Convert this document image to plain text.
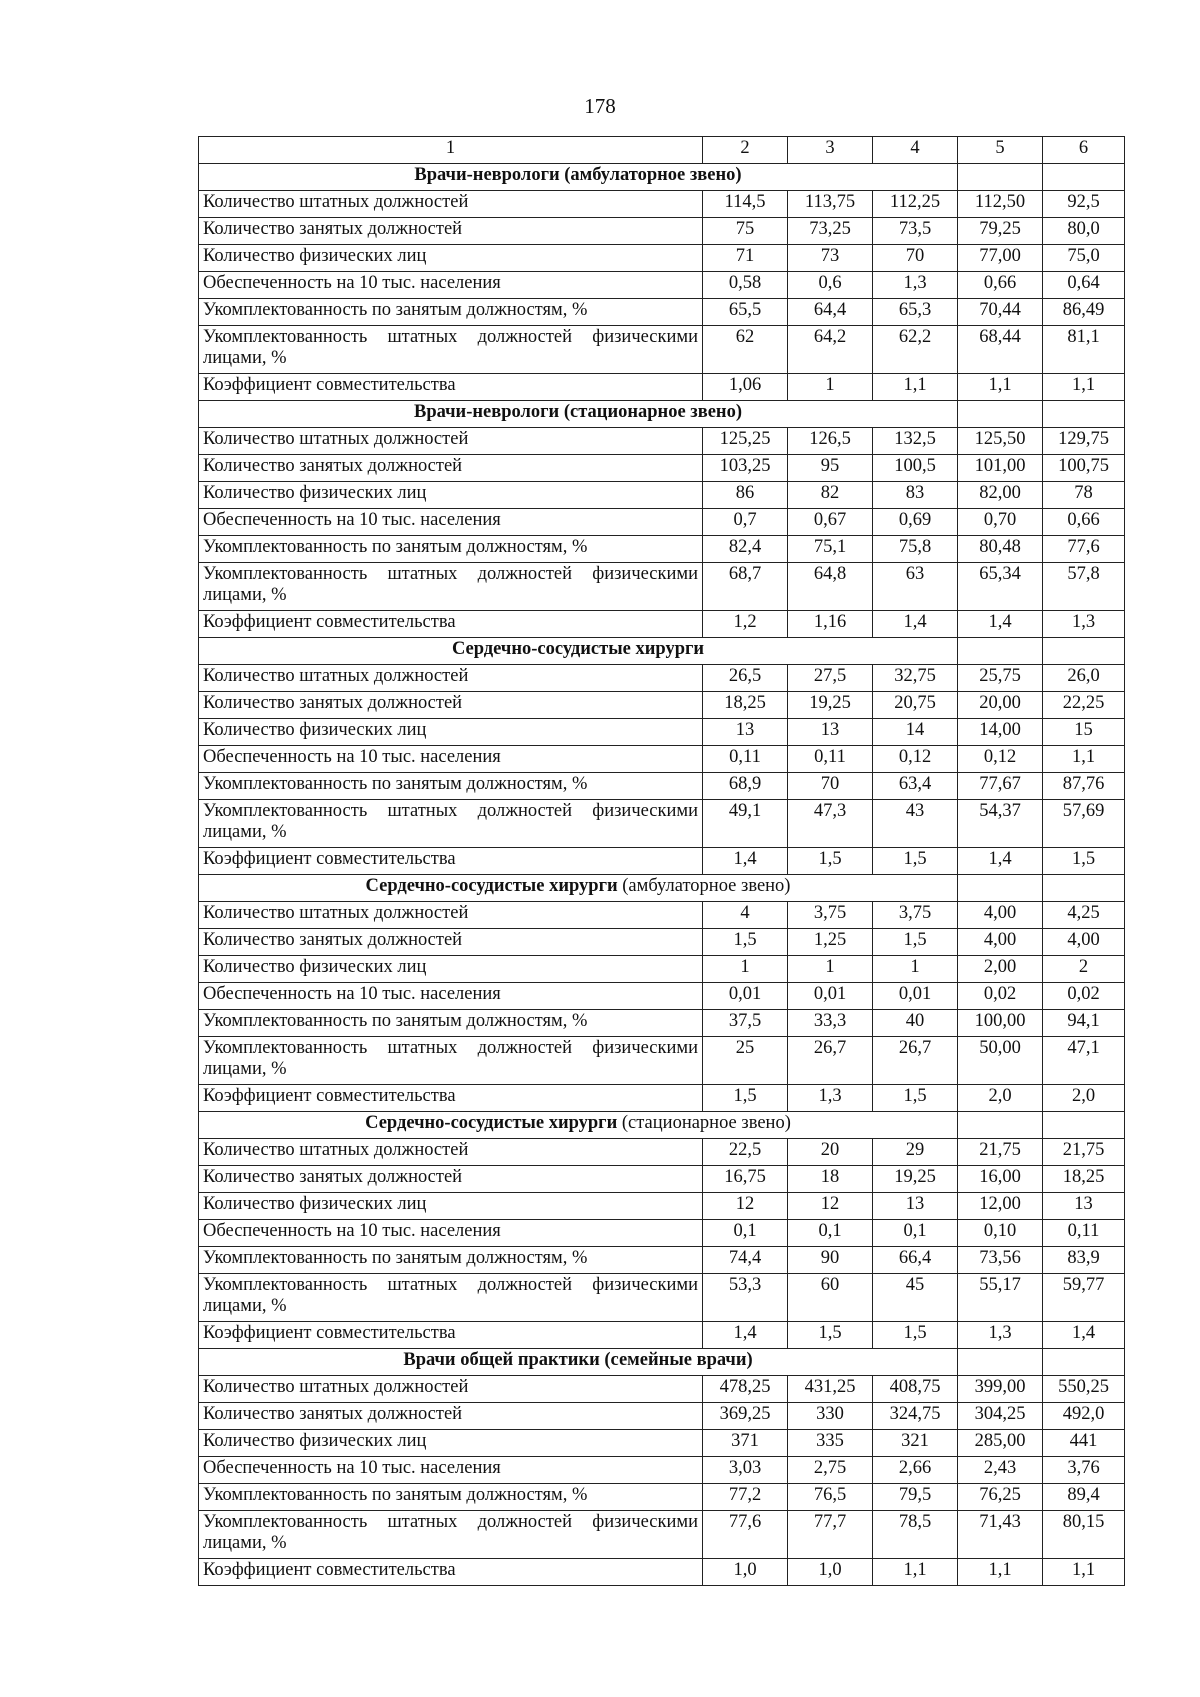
178
1	2	3	4	5	6
Врачи-неврологи (амбулаторное звено)					
Количество штатных должностей	114,5	113,75	112,25	112,50	92,5
Количество занятых должностей	75	73,25	73,5	79,25	80,0
Количество физических лиц	71	73	70	77,00	75,0
Обеспеченность на 10 тыс. населения	0,58	0,6	1,3	0,66	0,64
Укомплектованность по занятым должностям, %	65,5	64,4	65,3	70,44	86,49
Укомплектованность штатных должностей физическими лицами, %	62	64,2	62,2	68,44	81,1
Коэффициент совместительства	1,06	1	1,1	1,1	1,1
Врачи-неврологи (стационарное звено)					
Количество штатных должностей	125,25	126,5	132,5	125,50	129,75
Количество занятых должностей	103,25	95	100,5	101,00	100,75
Количество физических лиц	86	82	83	82,00	78
Обеспеченность на 10 тыс. населения	0,7	0,67	0,69	0,70	0,66
Укомплектованность по занятым должностям, %	82,4	75,1	75,8	80,48	77,6
Укомплектованность штатных должностей физическими лицами, %	68,7	64,8	63	65,34	57,8
Коэффициент совместительства	1,2	1,16	1,4	1,4	1,3
Сердечно-сосудистые хирурги					
Количество штатных должностей	26,5	27,5	32,75	25,75	26,0
Количество занятых должностей	18,25	19,25	20,75	20,00	22,25
Количество физических лиц	13	13	14	14,00	15
Обеспеченность на 10 тыс. населения	0,11	0,11	0,12	0,12	1,1
Укомплектованность по занятым должностям, %	68,9	70	63,4	77,67	87,76
Укомплектованность штатных должностей физическими лицами, %	49,1	47,3	43	54,37	57,69
Коэффициент совместительства	1,4	1,5	1,5	1,4	1,5
Сердечно-сосудистые хирурги (амбулаторное звено)					
Количество штатных должностей	4	3,75	3,75	4,00	4,25
Количество занятых должностей	1,5	1,25	1,5	4,00	4,00
Количество физических лиц	1	1	1	2,00	2
Обеспеченность на 10 тыс. населения	0,01	0,01	0,01	0,02	0,02
Укомплектованность по занятым должностям, %	37,5	33,3	40	100,00	94,1
Укомплектованность штатных должностей физическими лицами, %	25	26,7	26,7	50,00	47,1
Коэффициент совместительства	1,5	1,3	1,5	2,0	2,0
Сердечно-сосудистые хирурги (стационарное звено)					
Количество штатных должностей	22,5	20	29	21,75	21,75
Количество занятых должностей	16,75	18	19,25	16,00	18,25
Количество физических лиц	12	12	13	12,00	13
Обеспеченность на 10 тыс. населения	0,1	0,1	0,1	0,10	0,11
Укомплектованность по занятым должностям, %	74,4	90	66,4	73,56	83,9
Укомплектованность штатных должностей физическими лицами, %	53,3	60	45	55,17	59,77
Коэффициент совместительства	1,4	1,5	1,5	1,3	1,4
Врачи общей практики (семейные врачи)					
Количество штатных должностей	478,25	431,25	408,75	399,00	550,25
Количество занятых должностей	369,25	330	324,75	304,25	492,0
Количество физических лиц	371	335	321	285,00	441
Обеспеченность на 10 тыс. населения	3,03	2,75	2,66	2,43	3,76
Укомплектованность по занятым должностям, %	77,2	76,5	79,5	76,25	89,4
Укомплектованность штатных должностей физическими лицами, %	77,6	77,7	78,5	71,43	80,15
Коэффициент совместительства	1,0	1,0	1,1	1,1	1,1
